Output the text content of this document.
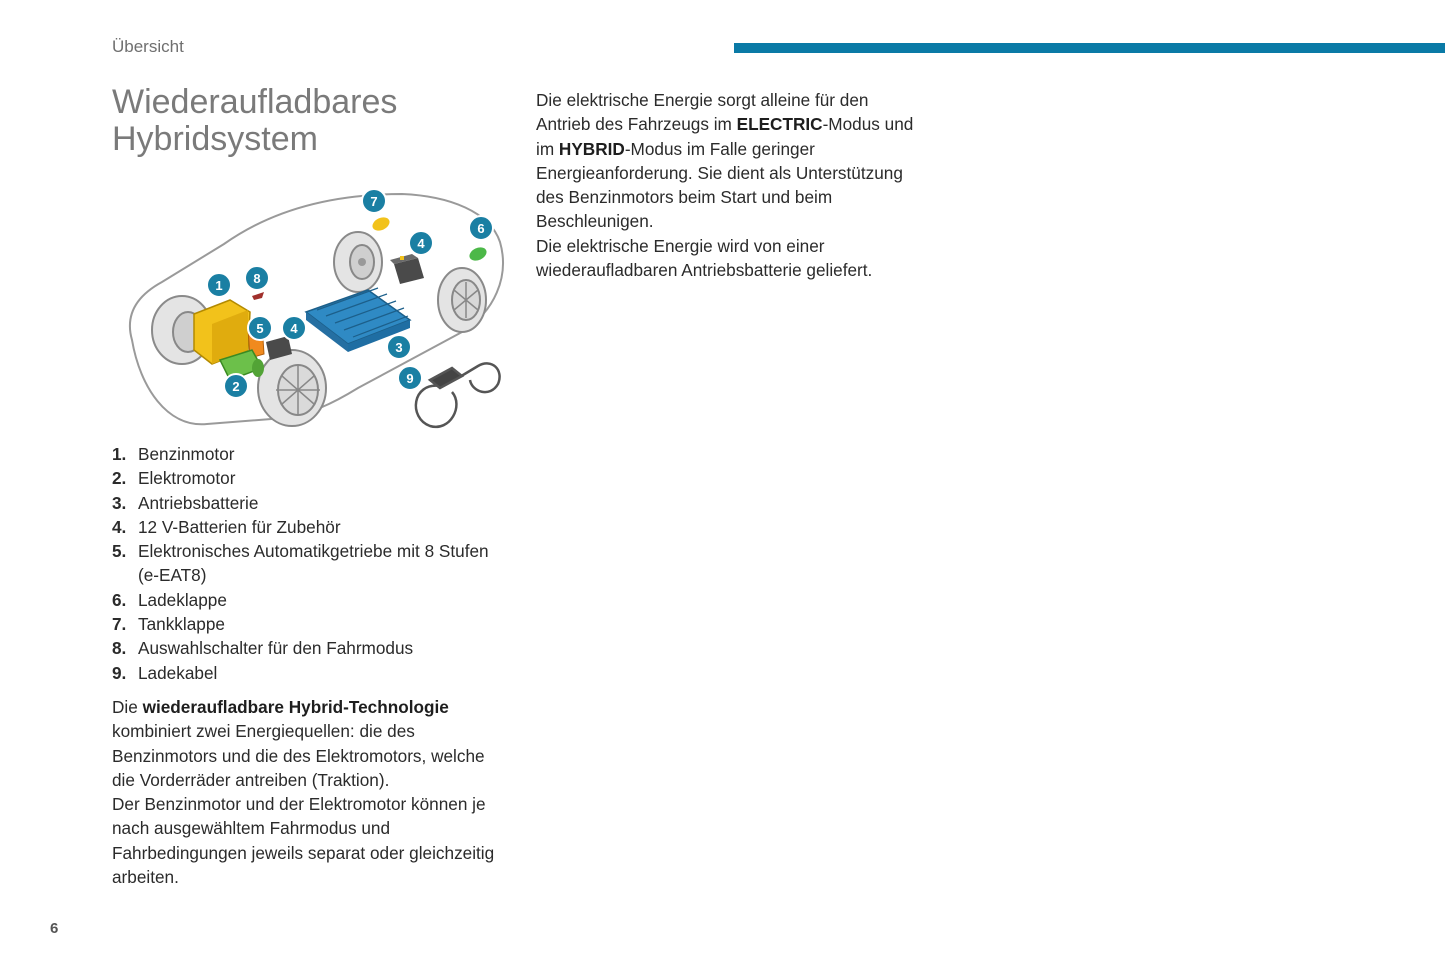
Übersicht
Wiederaufladbares
Hybridsystem
1
2
3
4
4
5
6
7
8
9
1. Benzinmotor
2. Elektromotor
3. Antriebsbatterie
4. 12 V-Batterien für Zubehör
5. Elektronisches Automatikgetriebe mit 8 Stufen (e-EAT8)
6. Ladeklappe
7. Tankklappe
8. Auswahlschalter für den Fahrmodus
9. Ladekabel
Die wiederaufladbare Hybrid-Technologie kombiniert zwei Energiequellen: die des Benzinmotors und die des Elektromotors, welche die Vorderräder antreiben (Traktion).
Der Benzinmotor und der Elektromotor können je nach ausgewähltem Fahrmodus und Fahrbedingungen jeweils separat oder gleichzeitig arbeiten.
Die elektrische Energie sorgt alleine für den Antrieb des Fahrzeugs im ELECTRIC-Modus und im HYBRID-Modus im Falle geringer Energieanforderung. Sie dient als Unterstützung des Benzinmotors beim Start und beim Beschleunigen.
Die elektrische Energie wird von einer wiederaufladbaren Antriebsbatterie geliefert.
6
